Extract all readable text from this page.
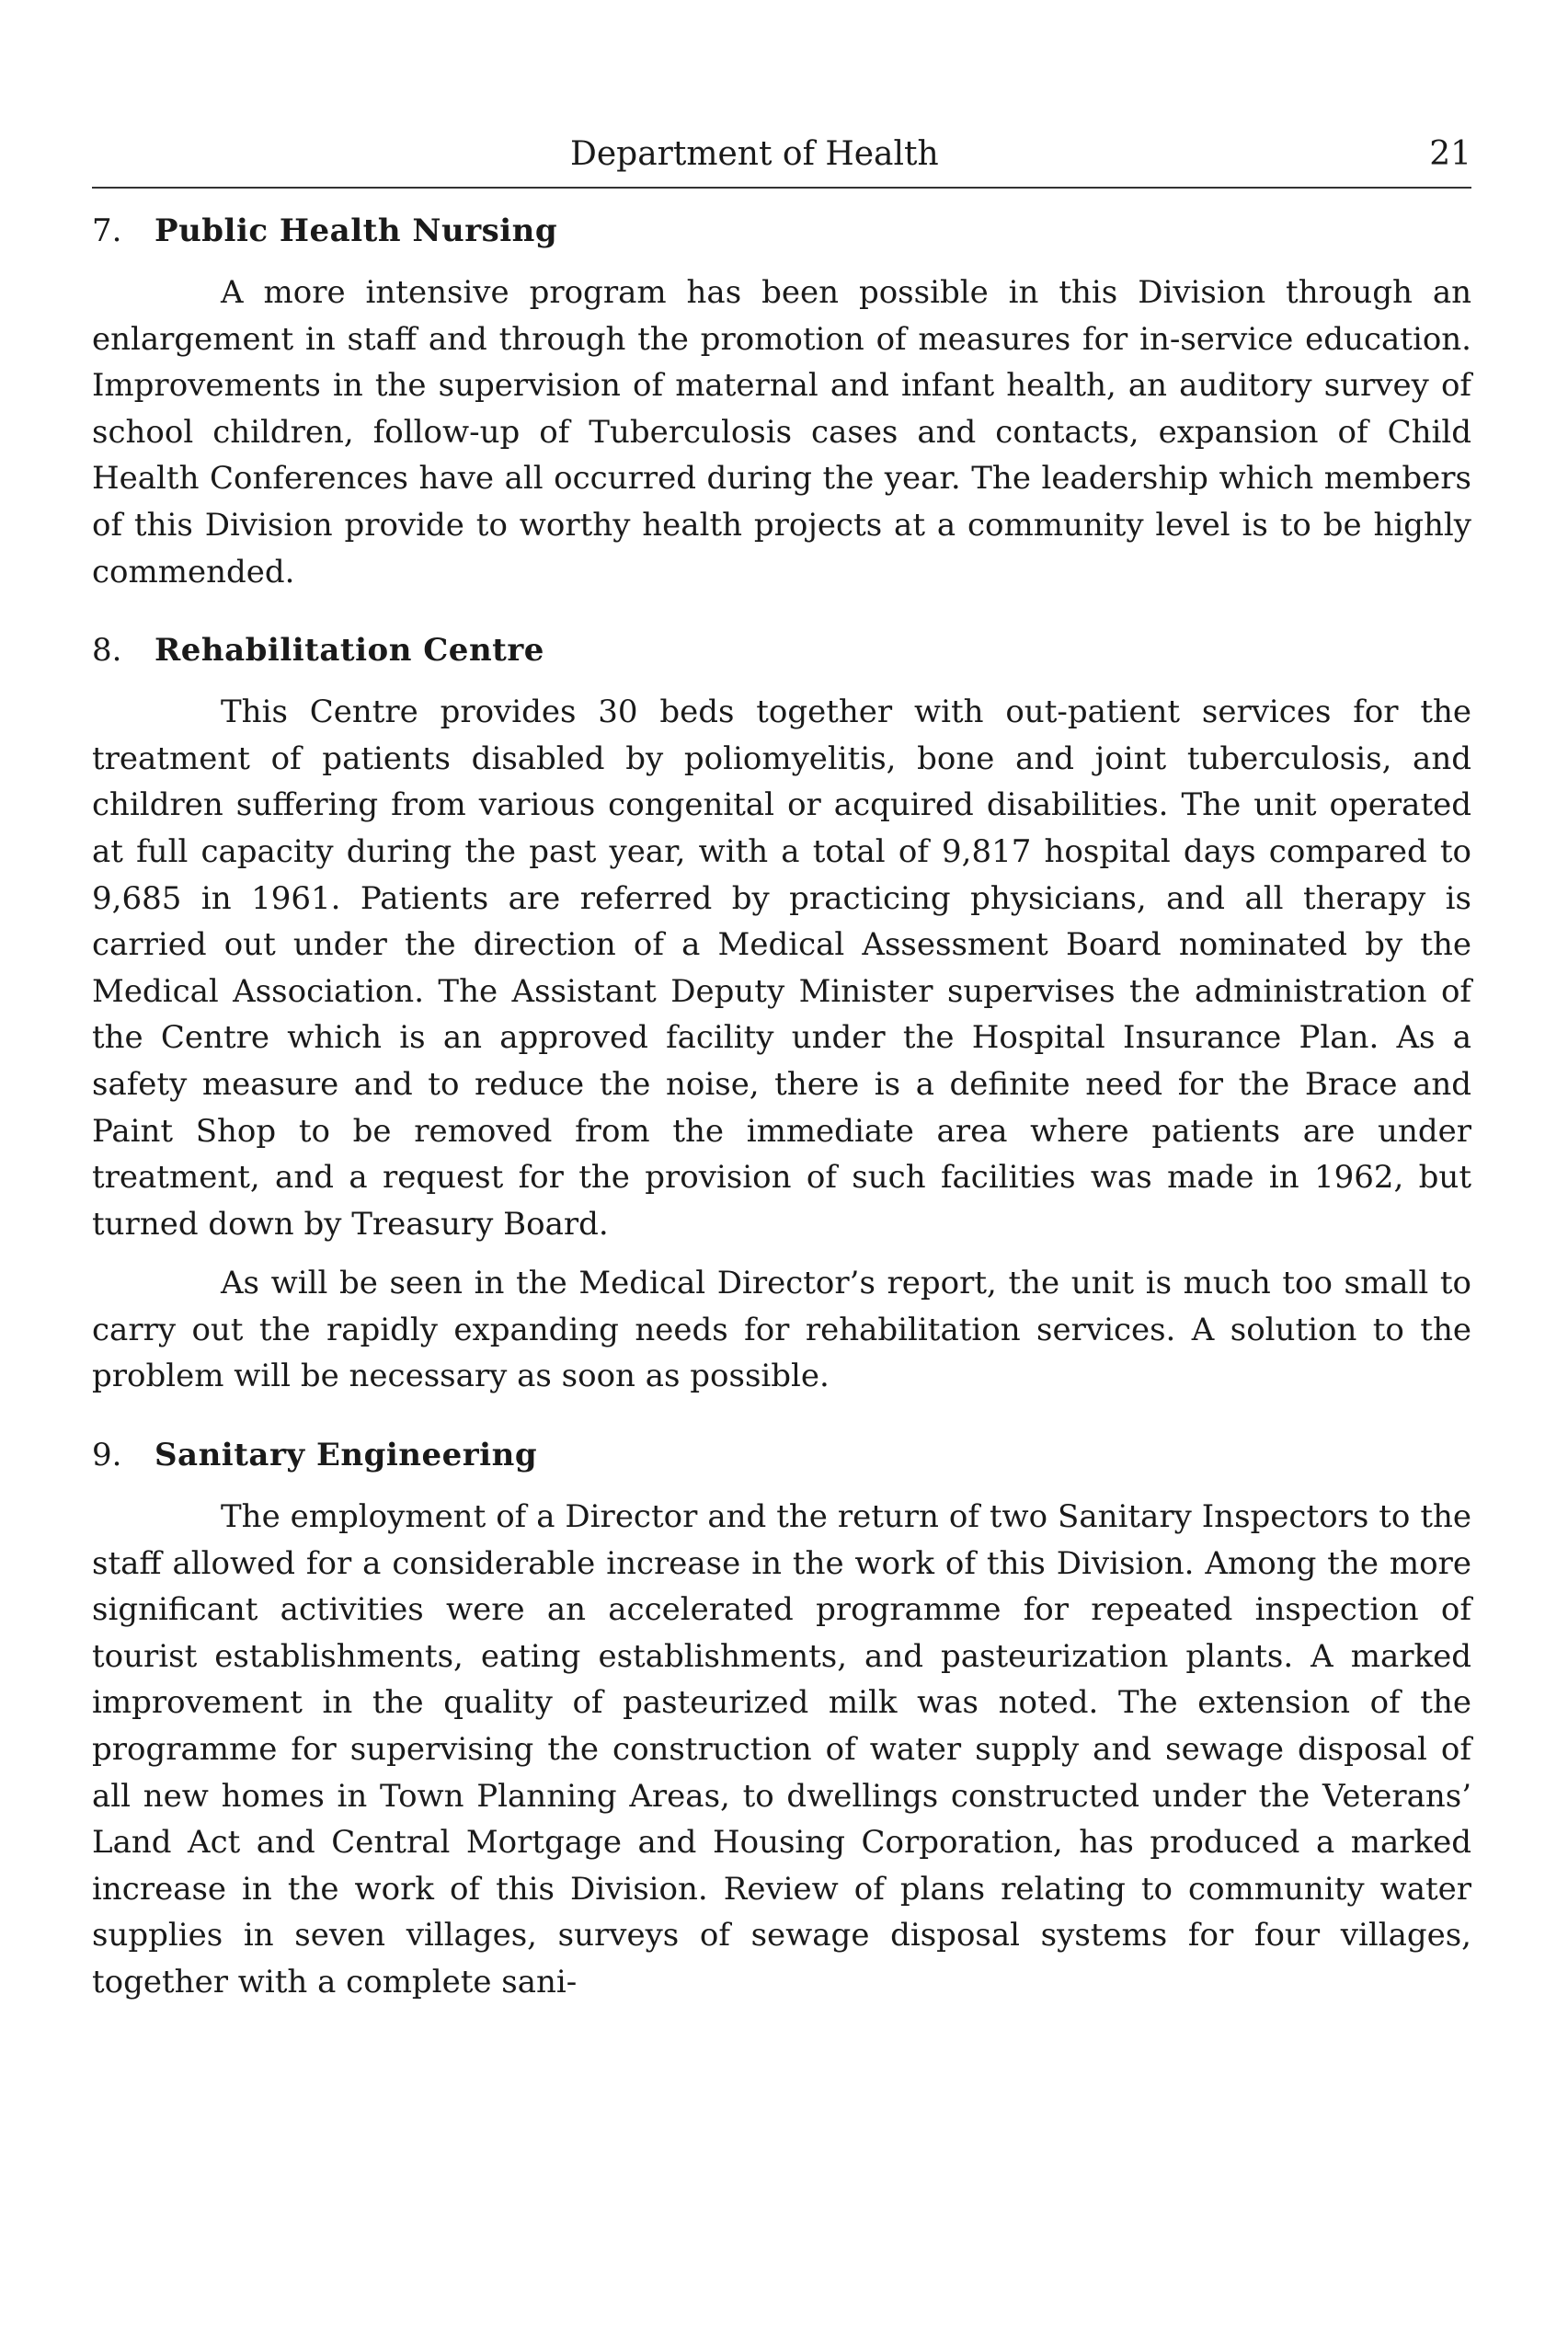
Department of Health	21
7.	Public Health Nursing

A more intensive program has been possible in this Division through an enlargement in staff and through the promotion of measures for in-service education. Improvements in the supervision of maternal and infant health, an auditory survey of school children, follow-up of Tuberculosis cases and contacts, expansion of Child Health Conferences have all occurred during the year. The leadership which members of this Division provide to worthy health projects at a community level is to be highly commended.

8.	Rehabilitation Centre

This Centre provides 30 beds together with out-patient services for the treatment of patients disabled by poliomyelitis, bone and joint tuberculosis, and children suffering from various congenital or acquired disabilities. The unit operated at full capacity during the past year, with a total of 9,817 hospital days compared to 9,685 in 1961. Patients are referred by practicing physicians, and all therapy is carried out under the direction of a Medical Assessment Board nominated by the Medical Association. The Assistant Deputy Minister supervises the administration of the Centre which is an approved facility under the Hospital Insurance Plan. As a safety measure and to reduce the noise, there is a definite need for the Brace and Paint Shop to be removed from the immediate area where patients are under treatment, and a request for the provision of such facilities was made in 1962, but turned down by Treasury Board.

As will be seen in the Medical Director’s report, the unit is much too small to carry out the rapidly expanding needs for rehabilitation services. A solution to the problem will be necessary as soon as possible.

9.	Sanitary Engineering

The employment of a Director and the return of two Sanitary Inspectors to the staff allowed for a considerable increase in the work of this Division. Among the more significant activities were an accelerated programme for repeated inspection of tourist establishments, eating establishments, and pasteurization plants. A marked improvement in the quality of pasteurized milk was noted. The extension of the programme for supervising the construction of water supply and sewage disposal of all new homes in Town Planning Areas, to dwellings constructed under the Veterans’ Land Act and Central Mortgage and Housing Corporation, has produced a marked increase in the work of this Division. Review of plans relating to community water supplies in seven villages, surveys of sewage disposal systems for four villages, together with a complete sani-
